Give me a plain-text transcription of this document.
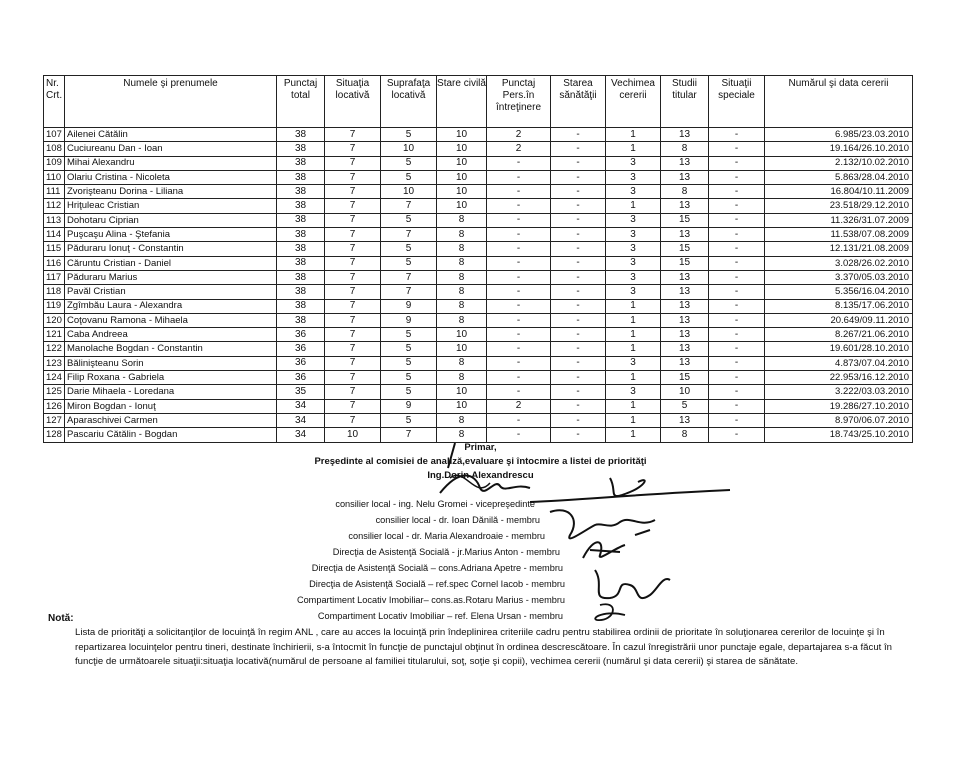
Nr. Crt.	Numele şi prenumele	Punctaj total	Situaţia locativă	Suprafaţa locativă	Stare civilă	Punctaj Pers.în întreţinere	Starea sănătăţii	Vechimea cererii	Studii titular	Situaţii speciale	Numărul şi data cererii
107	Ailenei Cătălin	38	7	5	10	2	-	1	13	-	6.985/23.03.2010
108	Cuciureanu Dan - Ioan	38	7	10	10	2	-	1	8	-	19.164/26.10.2010
109	Mihai Alexandru	38	7	5	10	-	-	3	13	-	2.132/10.02.2010
110	Olariu Cristina - Nicoleta	38	7	5	10	-	-	3	13	-	5.863/28.04.2010
111	Zvorişteanu Dorina - Liliana	38	7	10	10	-	-	3	8	-	16.804/10.11.2009
112	Hriţuleac Cristian	38	7	7	10	-	-	1	13	-	23.518/29.12.2010
113	Dohotaru Ciprian	38	7	5	8	-	-	3	15	-	11.326/31.07.2009
114	Puşcaşu Alina - Ştefania	38	7	7	8	-	-	3	13	-	11.538/07.08.2009
115	Păduraru Ionuţ - Constantin	38	7	5	8	-	-	3	15	-	12.131/21.08.2009
116	Căruntu Cristian - Daniel	38	7	5	8	-	-	3	15	-	3.028/26.02.2010
117	Păduraru Marius	38	7	7	8	-	-	3	13	-	3.370/05.03.2010
118	Pavăl Cristian	38	7	7	8	-	-	3	13	-	5.356/16.04.2010
119	Zgîmbău Laura - Alexandra	38	7	9	8	-	-	1	13	-	8.135/17.06.2010
120	Coţovanu Ramona - Mihaela	38	7	9	8	-	-	1	13	-	20.649/09.11.2010
121	Caba Andreea	36	7	5	10	-	-	1	13	-	8.267/21.06.2010
122	Manolache Bogdan - Constantin	36	7	5	10	-	-	1	13	-	19.601/28.10.2010
123	Bălinişteanu Sorin	36	7	5	8	-	-	3	13	-	4.873/07.04.2010
124	Filip Roxana - Gabriela	36	7	5	8	-	-	1	15	-	22.953/16.12.2010
125	Darie Mihaela - Loredana	35	7	5	10	-	-	3	10	-	3.222/03.03.2010
126	Miron Bogdan - Ionuţ	34	7	9	10	2	-	1	5	-	19.286/27.10.2010
127	Aparaschivei Carmen	34	7	5	8	-	-	1	13	-	8.970/06.07.2010
128	Pascariu Cătălin - Bogdan	34	10	7	8	-	-	1	8	-	18.743/25.10.2010
Primar,
Preşedinte al comisiei de analiză,evaluare şi întocmire a listei de priorităţi
Ing.Dorin Alexandrescu
consilier local - ing. Nelu Gromei - vicepreşedinte
consilier local - dr. Ioan Dănilă - membru
consilier local - dr. Maria Alexandroaie - membru
Direcţia de Asistenţă Socială - jr.Marius Anton - membru
Direcţia de Asistenţă Socială – cons.Adriana Apetre - membru
Direcţia de Asistenţă Socială – ref.spec Cornel Iacob - membru
Compartiment Locativ Imobiliar– cons.as.Rotaru Marius - membru
Compartiment Locativ Imobiliar – ref. Elena Ursan - membru
Notă:
Lista de priorităţi a solicitanţilor de locuinţă în regim ANL , care au acces la locuinţă prin îndeplinirea criteriile cadru pentru stabilirea ordinii de prioritate în soluţionarea cererilor de locuinţe şi în repartizarea locuinţelor pentru tineri, destinate închirierii, s-a întocmit în funcţie de punctajul obţinut în ordinea descrescătoare. În cazul înregistrării unor punctaje egale, departajarea s-a făcut în funcţie de următoarele situaţii:situaţia locativă(numărul de persoane al familiei titularului, soţ, soţie şi copii), vechimea cererii (numărul şi data cererii) şi starea de sănătate.
